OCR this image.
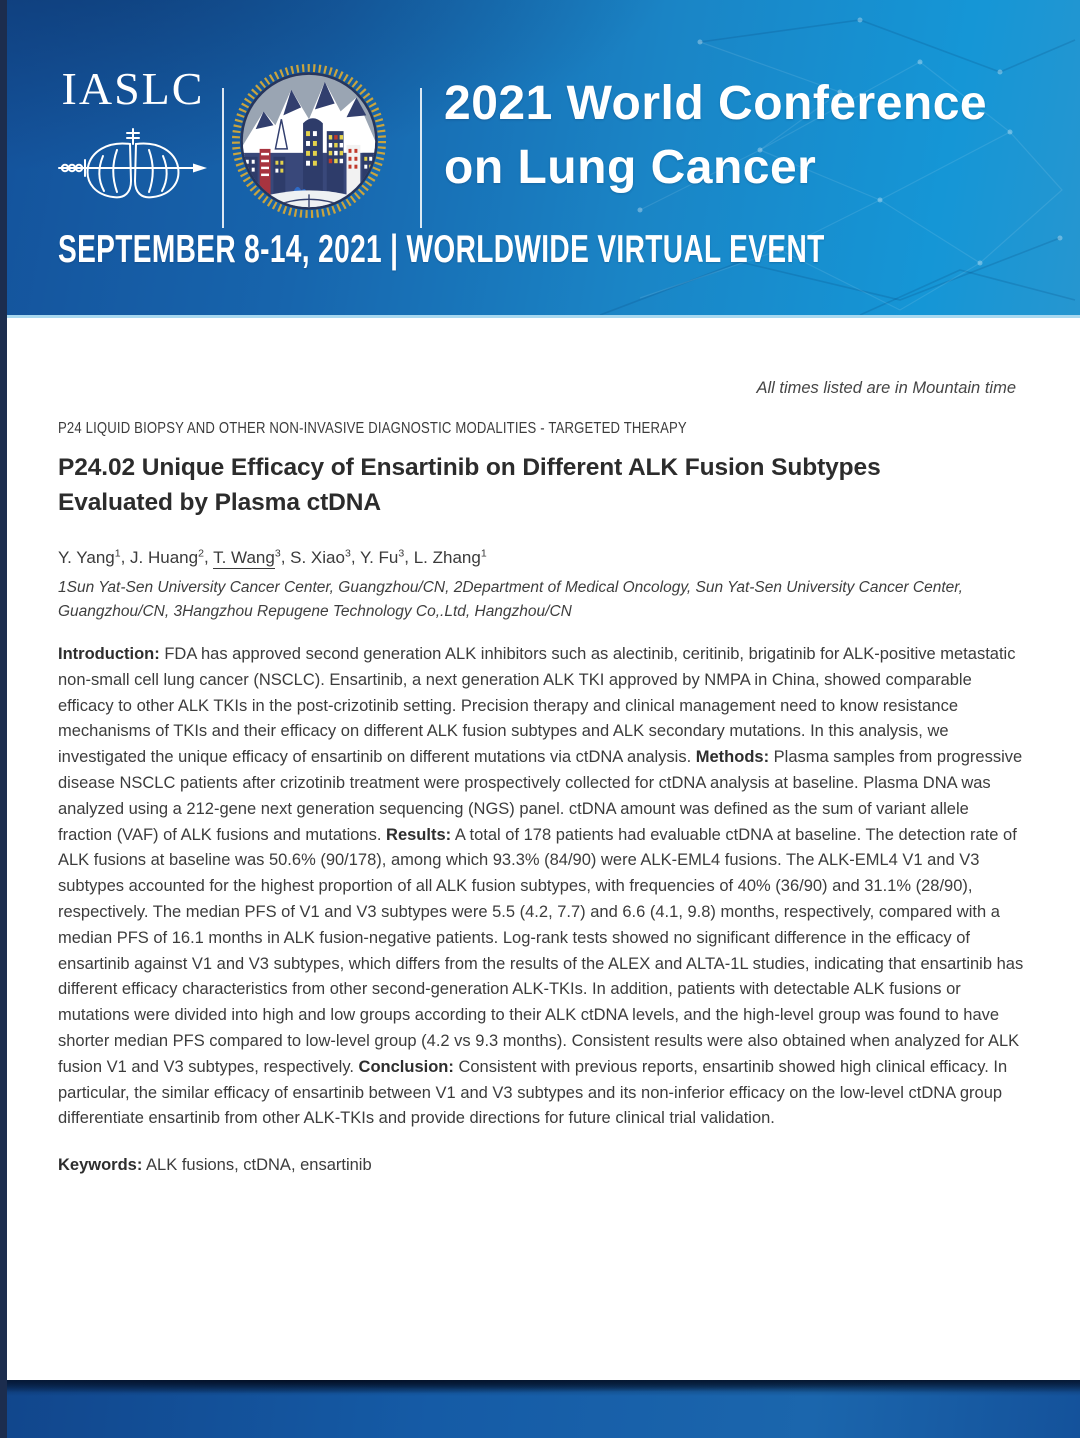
IASLC	2021 World Conference
on Lung Cancer
SEPTEMBER 8-14, 2021 | WORLDWIDE VIRTUAL EVENT
All times listed are in Mountain time
P24 LIQUID BIOPSY AND OTHER NON-INVASIVE DIAGNOSTIC MODALITIES - TARGETED THERAPY
P24.02 Unique Efficacy of Ensartinib on Different ALK Fusion Subtypes Evaluated by Plasma ctDNA
Y. Yang$^1$, J. Huang$^2$, T. Wang$^3$, S. Xiao$^3$, Y. Fu$^3$, L. Zhang$^1$
1Sun Yat-Sen University Cancer Center, Guangzhou/CN, 2Department of Medical Oncology, Sun Yat-Sen University Cancer Center, Guangzhou/CN, 3Hangzhou Repugene Technology Co,.Ltd, Hangzhou/CN

Introduction: FDA has approved second generation ALK inhibitors such as alectinib, ceritinib, brigatinib for ALK-positive metastatic non-small cell lung cancer (NSCLC). Ensartinib, a next generation ALK TKI approved by NMPA in China, showed comparable efficacy to other ALK TKIs in the post-crizotinib setting. Precision therapy and clinical management need to know resistance mechanisms of TKIs and their efficacy on different ALK fusion subtypes and ALK secondary mutations. In this analysis, we investigated the unique efficacy of ensartinib on different mutations via ctDNA analysis. Methods: Plasma samples from progressive disease NSCLC patients after crizotinib treatment were prospectively collected for ctDNA analysis at baseline. Plasma DNA was analyzed using a 212-gene next generation sequencing (NGS) panel. ctDNA amount was defined as the sum of variant allele fraction (VAF) of ALK fusions and mutations. Results: A total of 178 patients had evaluable ctDNA at baseline. The detection rate of ALK fusions at baseline was 50.6% (90/178), among which 93.3% (84/90) were ALK-EML4 fusions. The ALK-EML4 V1 and V3 subtypes accounted for the highest proportion of all ALK fusion subtypes, with frequencies of 40% (36/90) and 31.1% (28/90), respectively. The median PFS of V1 and V3 subtypes were 5.5 (4.2, 7.7) and 6.6 (4.1, 9.8) months, respectively, compared with a median PFS of 16.1 months in ALK fusion-negative patients. Log-rank tests showed no significant difference in the efficacy of ensartinib against V1 and V3 subtypes, which differs from the results of the ALEX and ALTA-1L studies, indicating that ensartinib has different efficacy characteristics from other second-generation ALK-TKIs. In addition, patients with detectable ALK fusions or mutations were divided into high and low groups according to their ALK ctDNA levels, and the high-level group was found to have shorter median PFS compared to low-level group (4.2 vs 9.3 months). Consistent results were also obtained when analyzed for ALK fusion V1 and V3 subtypes, respectively. Conclusion: Consistent with previous reports, ensartinib showed high clinical efficacy. In particular, the similar efficacy of ensartinib between V1 and V3 subtypes and its non-inferior efficacy on the low-level ctDNA group differentiate ensartinib from other ALK-TKIs and provide directions for future clinical trial validation.

Keywords: ALK fusions, ctDNA, ensartinib
